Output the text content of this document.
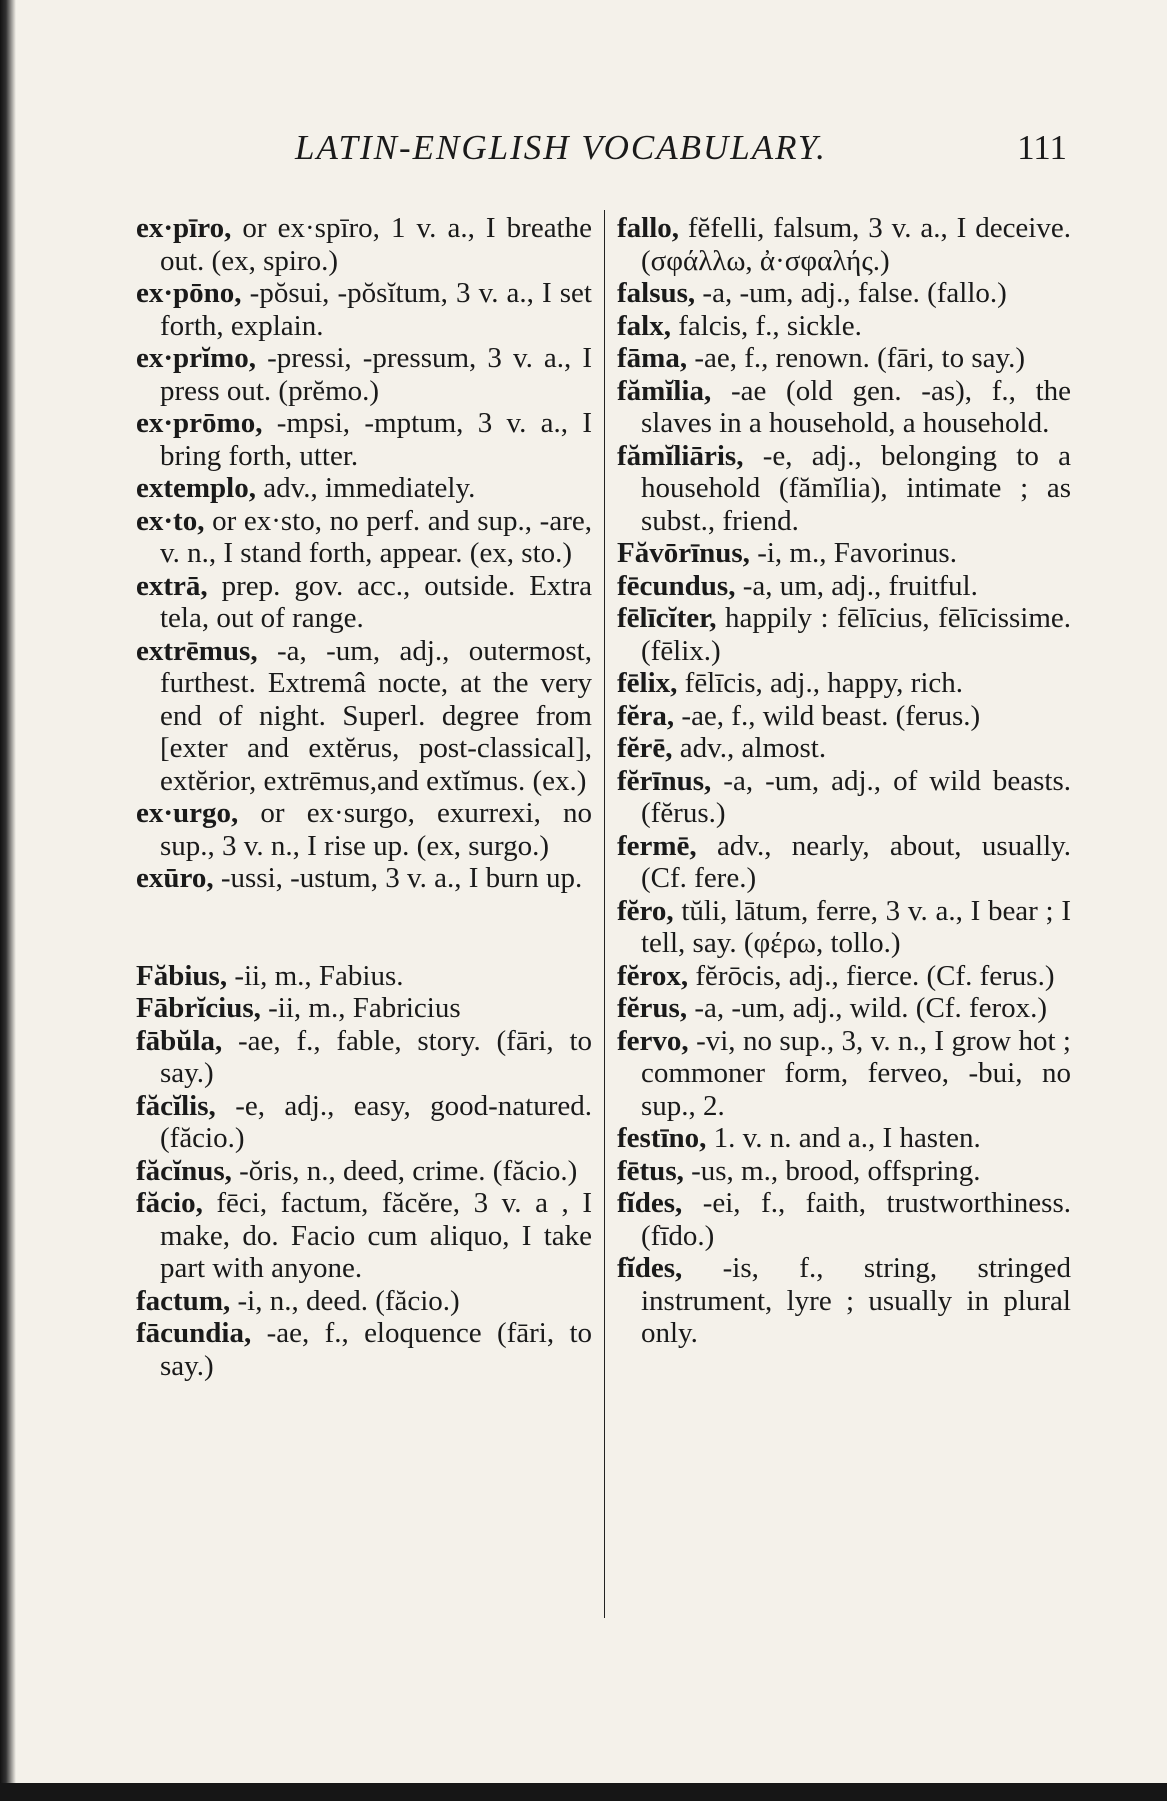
LATIN-ENGLISH VOCABULARY.	111

ex·pīro, or ex·spīro, 1 v. a., I breathe out. (ex, spiro.)

ex·pōno, -pŏsui, -pŏsĭtum, 3 v. a., I set forth, explain.

ex·prĭmo, -pressi, -pressum, 3 v. a., I press out. (prĕmo.)

ex·prōmo, -mpsi, -mptum, 3 v. a., I bring forth, utter.

extemplo, adv., immediately.

ex·to, or ex·sto, no perf. and sup., -are, v. n., I stand forth, appear. (ex, sto.)

extrā, prep. gov. acc., outside. Extra tela, out of range.

extrēmus, -a, -um, adj., outermost, furthest. Extremâ nocte, at the very end of night. Superl. degree from [exter and extĕrus, post-classical], extĕrior, extrēmus,and extĭmus. (ex.)

ex·urgo, or ex·surgo, exurrexi, no sup., 3 v. n., I rise up. (ex, surgo.)

exūro, -ussi, -ustum, 3 v. a., I burn up.

Făbius, -ii, m., Fabius.

Fābrĭcius, -ii, m., Fabricius

fābŭla, -ae, f., fable, story. (fāri, to say.)

făcĭlis, -e, adj., easy, good-natured. (făcio.)

făcĭnus, -ŏris, n., deed, crime. (făcio.)

făcio, fēci, factum, făcĕre, 3 v. a , I make, do. Facio cum aliquo, I take part with anyone.

factum, -i, n., deed. (făcio.)

fācundia, -ae, f., eloquence (fāri, to say.)

fallo, fĕfelli, falsum, 3 v. a., I deceive. (σφάλλω, ἀ·σφαλής.)

falsus, -a, -um, adj., false. (fallo.)

falx, falcis, f., sickle.

fāma, -ae, f., renown. (fāri, to say.)

fămĭlia, -ae (old gen. -as), f., the slaves in a household, a household.

fămĭliāris, -e, adj., belonging to a household (fămĭlia), intimate ; as subst., friend.

Făvōrīnus, -i, m., Favorinus.

fēcundus, -a, um, adj., fruitful.

fēlīcĭter, happily : fēlīcius, fēlīcissime. (fēlix.)

fēlix, fēlīcis, adj., happy, rich.

fĕra, -ae, f., wild beast. (ferus.)

fĕrē, adv., almost.

fĕrīnus, -a, -um, adj., of wild beasts. (fĕrus.)

fermē, adv., nearly, about, usually. (Cf. fere.)

fĕro, tŭli, lātum, ferre, 3 v. a., I bear ; I tell, say. (φέρω, tollo.)

fĕrox, fĕrōcis, adj., fierce. (Cf. ferus.)

fĕrus, -a, -um, adj., wild. (Cf. ferox.)

fervo, -vi, no sup., 3, v. n., I grow hot ; commoner form, ferveo, -bui, no sup., 2.

festīno, 1. v. n. and a., I hasten.

fētus, -us, m., brood, offspring.

fĭdes, -ei, f., faith, trustworthiness. (fīdo.)

fĭdes, -is, f., string, stringed instrument, lyre ; usually in plural only.
